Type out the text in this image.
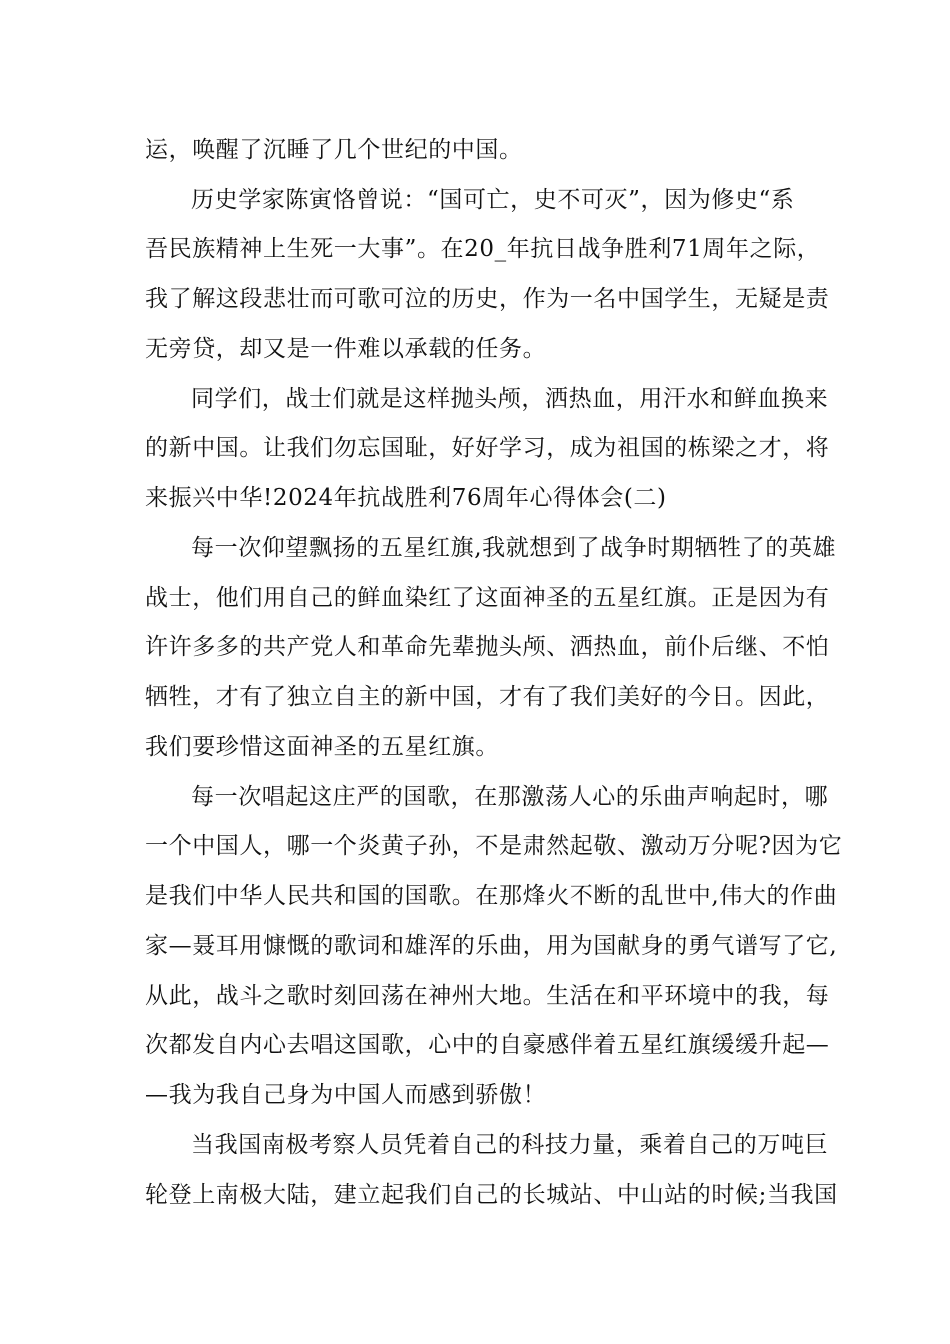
运，唤醒了沉睡了几个世纪的中国。
历史学家陈寅恪曾说：“国可亡，史不可灭”，因为修史“系
吾民族精神上生死一大事”。在20_年抗日战争胜利71周年之际，
我了解这段悲壮而可歌可泣的历史，作为一名中国学生，无疑是责
无旁贷，却又是一件难以承载的任务。
同学们，战士们就是这样抛头颅，洒热血，用汗水和鲜血换来
的新中国。让我们勿忘国耻，好好学习，成为祖国的栋梁之才，将
来振兴中华!2024年抗战胜利76周年心得体会(二)
每一次仰望飘扬的五星红旗,我就想到了战争时期牺牲了的英雄
战士，他们用自己的鲜血染红了这面神圣的五星红旗。正是因为有
许许多多的共产党人和革命先辈抛头颅、洒热血，前仆后继、不怕
牺牲，才有了独立自主的新中国，才有了我们美好的今日。因此，
我们要珍惜这面神圣的五星红旗。
每一次唱起这庄严的国歌，在那激荡人心的乐曲声响起时，哪
一个中国人，哪一个炎黄子孙，不是肃然起敬、激动万分呢?因为它
是我们中华人民共和国的国歌。在那烽火不断的乱世中,伟大的作曲
家—聂耳用慷慨的歌词和雄浑的乐曲，用为国献身的勇气谱写了它,
从此，战斗之歌时刻回荡在神州大地。生活在和平环境中的我，每
次都发自内心去唱这国歌，心中的自豪感伴着五星红旗缓缓升起—
—我为我自己身为中国人而感到骄傲！
当我国南极考察人员凭着自己的科技力量，乘着自己的万吨巨
轮登上南极大陆，建立起我们自己的长城站、中山站的时候;当我国
